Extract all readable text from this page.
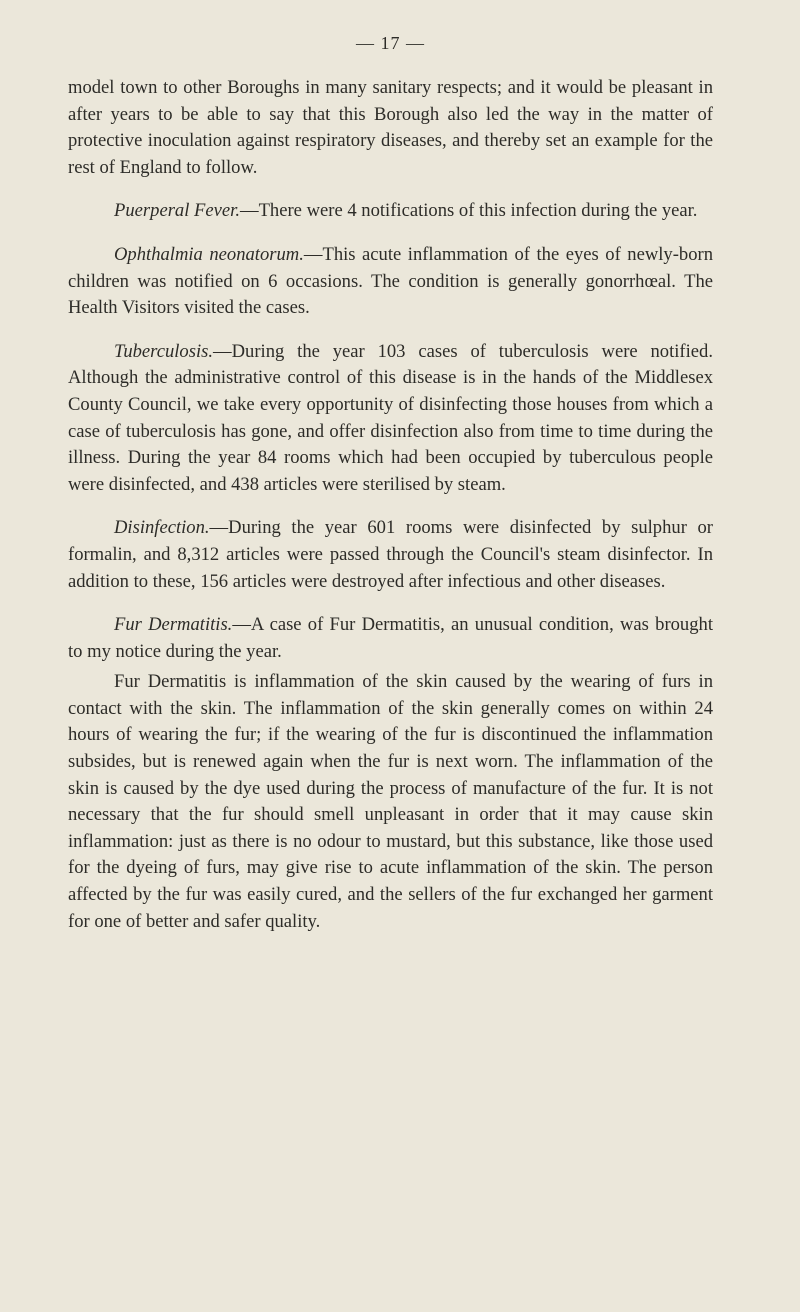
— 17 —

model town to other Boroughs in many sanitary respects; and it would be pleasant in after years to be able to say that this Borough also led the way in the matter of protective inoculation against respiratory diseases, and thereby set an example for the rest of England to follow.

Puerperal Fever.—There were 4 notifications of this infection during the year.

Ophthalmia neonatorum.—This acute inflammation of the eyes of newly-born children was notified on 6 occasions. The condition is generally gonorrhœal. The Health Visitors visited the cases.

Tuberculosis.—During the year 103 cases of tuberculosis were notified. Although the administrative control of this disease is in the hands of the Middlesex County Council, we take every opportunity of disinfecting those houses from which a case of tuberculosis has gone, and offer disinfection also from time to time during the illness. During the year 84 rooms which had been occupied by tuberculous people were disinfected, and 438 articles were sterilised by steam.

Disinfection.—During the year 601 rooms were disinfected by sulphur or formalin, and 8,312 articles were passed through the Council's steam disinfector. In addition to these, 156 articles were destroyed after infectious and other diseases.

Fur Dermatitis.—A case of Fur Dermatitis, an unusual condition, was brought to my notice during the year.

Fur Dermatitis is inflammation of the skin caused by the wearing of furs in contact with the skin. The inflammation of the skin generally comes on within 24 hours of wearing the fur; if the wearing of the fur is discontinued the inflammation subsides, but is renewed again when the fur is next worn. The inflammation of the skin is caused by the dye used during the process of manufacture of the fur. It is not necessary that the fur should smell unpleasant in order that it may cause skin inflammation: just as there is no odour to mustard, but this substance, like those used for the dyeing of furs, may give rise to acute inflammation of the skin. The person affected by the fur was easily cured, and the sellers of the fur exchanged her garment for one of better and safer quality.
